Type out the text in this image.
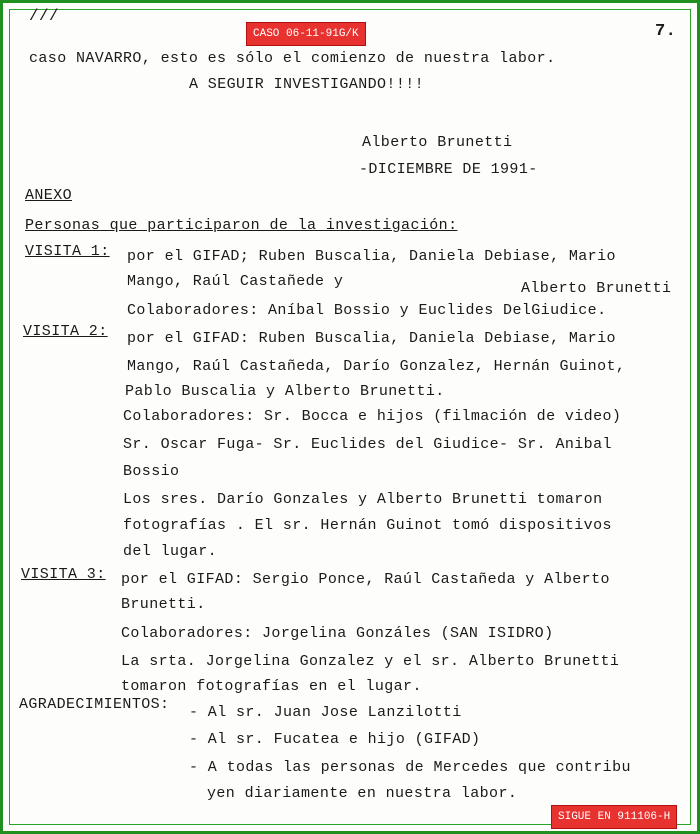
CASO 06-11-91G/K

///

7.

caso NAVARRO, esto es sólo el comienzo de nuestra labor.

A SEGUIR INVESTIGANDO!!!!

Alberto Brunetti

-DICIEMBRE DE 1991-

ANEXO

Personas que participaron de la investigación:

VISITA 1: por el GIFAD; Ruben Buscalia, Daniela Debiase, Mario

Mango, Raúl Castañede y	Alberto Brunetti

Colaboradores: Aníbal Bossio y Euclides DelGiudice.

VISITA 2: por el GIFAD: Ruben Buscalia, Daniela Debiase, Mario

Mango, Raúl Castañeda, Darío Gonzalez, Hernán Guinot,

Pablo Buscalia y Alberto Brunetti.

Colaboradores: Sr. Bocca e hijos (filmación de video)

Sr. Oscar Fuga- Sr. Euclides del Giudice- Sr. Anibal

Bossio

Los sres. Darío Gonzales y Alberto Brunetti tomaron

fotografías . El sr. Hernán Guinot tomó dispositivos

del lugar.

VISITA 3: por el GIFAD: Sergio Ponce, Raúl Castañeda y Alberto

Brunetti.

Colaboradores: Jorgelina Gonzáles (SAN ISIDRO)

La srta. Jorgelina Gonzalez y el sr. Alberto Brunetti

tomaron fotografías en el lugar.

AGRADECIMIENTOS: - Al sr. Juan Jose Lanzilotti

- Al sr. Fucatea e hijo (GIFAD)

- A todas las personas de Mercedes que contribu

yen diariamente en nuestra labor.

SIGUE EN 911106-H
